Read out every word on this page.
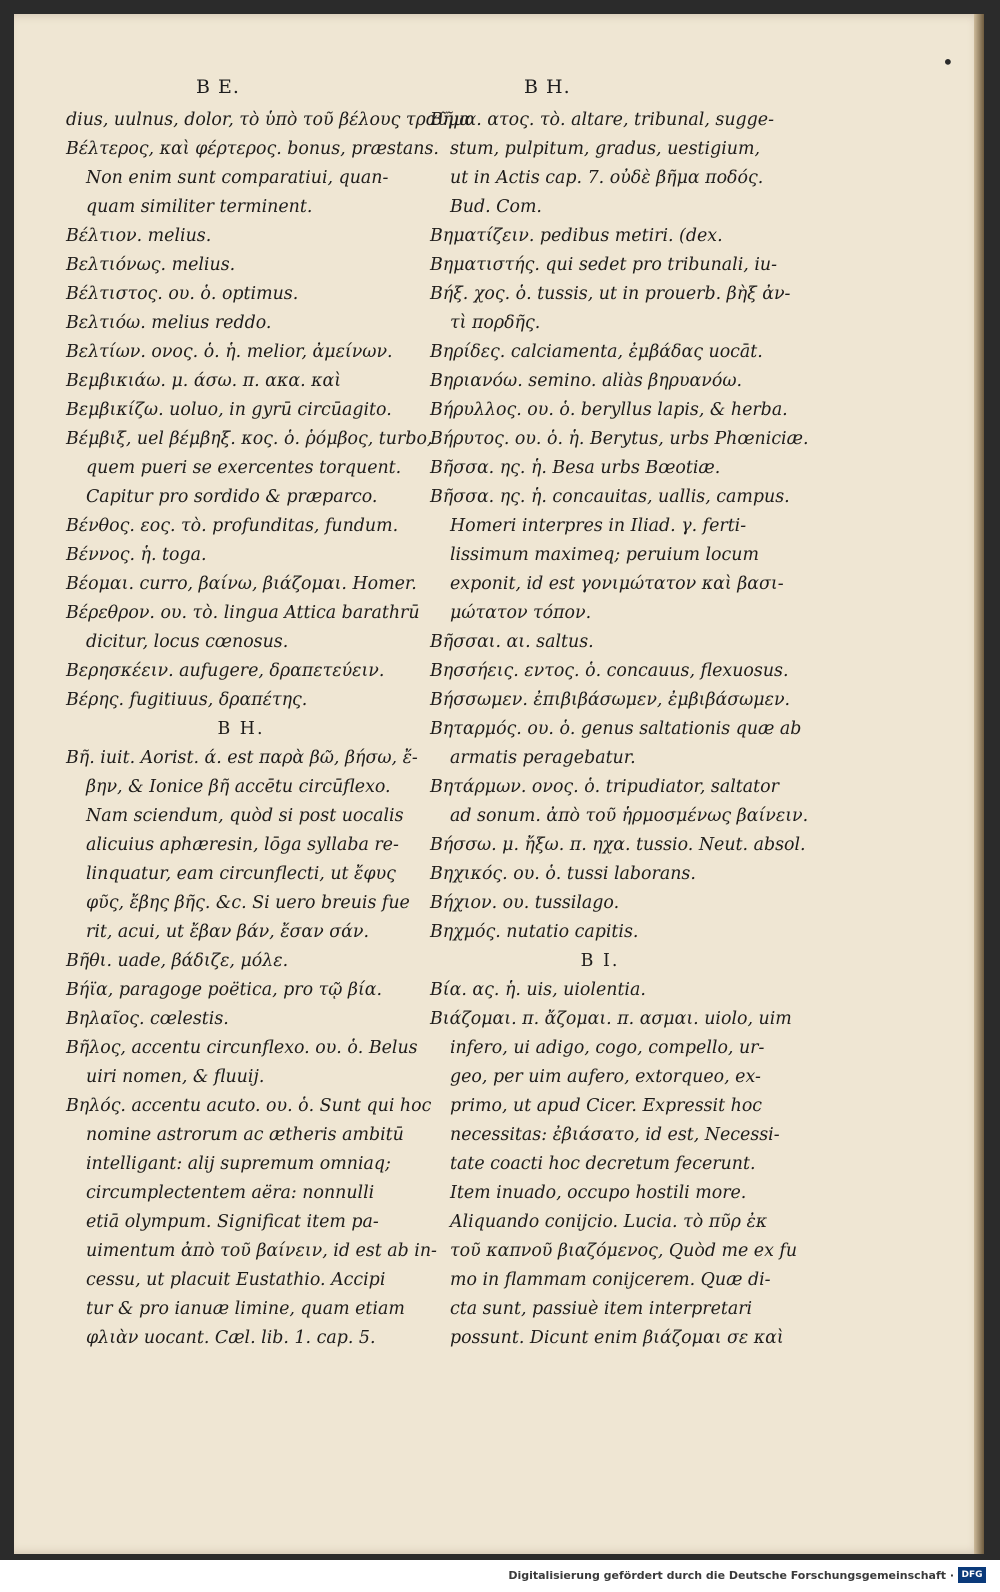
•
B E.	B H.
dius, uulnus, dolor, τὸ ὑπὸ τοῦ βέλους τραῦμα
Βέλτερος, καὶ φέρτερος. bonus, præstans.
Non enim sunt comparatiui, quan-
quam similiter terminent.
Βέλτιον. melius.
Βελτιόνως. melius.
Βέλτιστος. ου. ὁ. optimus.
Βελτιόω. melius reddo.
Βελτίων. ονος. ὁ. ἡ. melior, ἀμείνων.
Βεμβικιάω. μ. άσω. π. ακα. καὶ
Βεμβικίζω. uoluo, in gyrū circūagito.
Βέμβιξ, uel βέμβηξ. κος. ὁ. ῥόμβος, turbo,
quem pueri se exercentes torquent.
Capitur pro sordido & præparco.
Βένθος. εος. τὸ. profunditas, fundum.
Βέννος. ἡ. toga.
Βέομαι. curro, βαίνω, βιάζομαι. Homer.
Βέρεθρον. ου. τὸ. lingua Attica barathrū
dicitur, locus cœnosus.
Βερησκέειν. aufugere, δραπετεύειν.
Βέρης. fugitiuus, δραπέτης.
B H.
Βῆ. iuit. Aorist. ά. est παρὰ βῶ, βήσω, ἔ-
βην, & Ionice βῆ accētu circūflexo.
Nam sciendum, quòd si post uocalis
alicuius aphæresin, lōga syllaba re-
linquatur, eam circunflecti, ut ἔφυς
φῦς, ἔβης βῆς. &c. Si uero breuis fue
rit, acui, ut ἔβαν βάν, ἔσαν σάν.
Βῆθι. uade, βάδιζε, μόλε.
Βήϊα, paragoge poëtica, pro τῷ βία.
Βηλαῖος. cœlestis.
Βῆλος, accentu circunflexo. ου. ὁ. Belus
uiri nomen, & fluuij.
Βηλός. accentu acuto. ου. ὁ. Sunt qui hoc
nomine astrorum ac ætheris ambitū
intelligant: alij supremum omniaq;
circumplectentem aëra: nonnulli
etiā olympum. Significat item pa-
uimentum ἀπὸ τοῦ βαίνειν, id est ab in-
cessu, ut placuit Eustathio. Accipi
tur & pro ianuæ limine, quam etiam
φλιὰν uocant. Cæl. lib. 1. cap. 5.
Βῆμα. ατος. τὸ. altare, tribunal, sugge-
stum, pulpitum, gradus, uestigium,
ut in Actis cap. 7. οὐδὲ βῆμα ποδός.
Bud. Com.
Βηματίζειν. pedibus metiri. (dex.
Βηματιστής. qui sedet pro tribunali, iu-
Βήξ. χος. ὁ. tussis, ut in prouerb. βὴξ ἀν-
τὶ πορδῆς.
Βηρίδες. calciamenta, ἐμβάδας uocāt.
Βηριανόω. semino. aliàs βηρυανόω.
Βήρυλλος. ου. ὁ. beryllus lapis, & herba.
Βήρυτος. ου. ὁ. ἡ. Berytus, urbs Phœniciæ.
Βῆσσα. ης. ἡ. Besa urbs Bœotiæ.
Βῆσσα. ης. ἡ. concauitas, uallis, campus.
Homeri interpres in Iliad. γ. ferti-
lissimum maximeq; peruium locum
exponit, id est γονιμώτατον καὶ βασι-
μώτατον τόπον.
Βῆσσαι. αι. saltus.
Βησσήεις. εντος. ὁ. concauus, flexuosus.
Βήσσωμεν. ἐπιβιβάσωμεν, ἐμβιβάσωμεν.
Βηταρμός. ου. ὁ. genus saltationis quæ ab
armatis peragebatur.
Βητάρμων. ονος. ὁ. tripudiator, saltator
ad sonum. ἀπὸ τοῦ ἡρμοσμένως βαίνειν.
Βήσσω. μ. ἤξω. π. ηχα. tussio. Neut. absol.
Βηχικός. ου. ὁ. tussi laborans.
Βήχιον. ου. tussilago.
Βηχμός. nutatio capitis.
B I.
Βία. ας. ἡ. uis, uiolentia.
Βιάζομαι. π. ἄζομαι. π. ασμαι. uiolo, uim
infero, ui adigo, cogo, compello, ur-
geo, per uim aufero, extorqueo, ex-
primo, ut apud Cicer. Expressit hoc
necessitas: ἐβιάσατο, id est, Necessi-
tate coacti hoc decretum fecerunt.
Item inuado, occupo hostili more.
Aliquando conijcio. Lucia. τὸ πῦρ ἐκ
τοῦ καπνοῦ βιαζόμενος, Quòd me ex fu
mo in flammam conijcerem. Quæ di-
cta sunt, passiuè item interpretari
possunt. Dicunt enim βιάζομαι σε καὶ
Digitalisierung gefördert durch die Deutsche Forschungsgemeinschaft · DFG
